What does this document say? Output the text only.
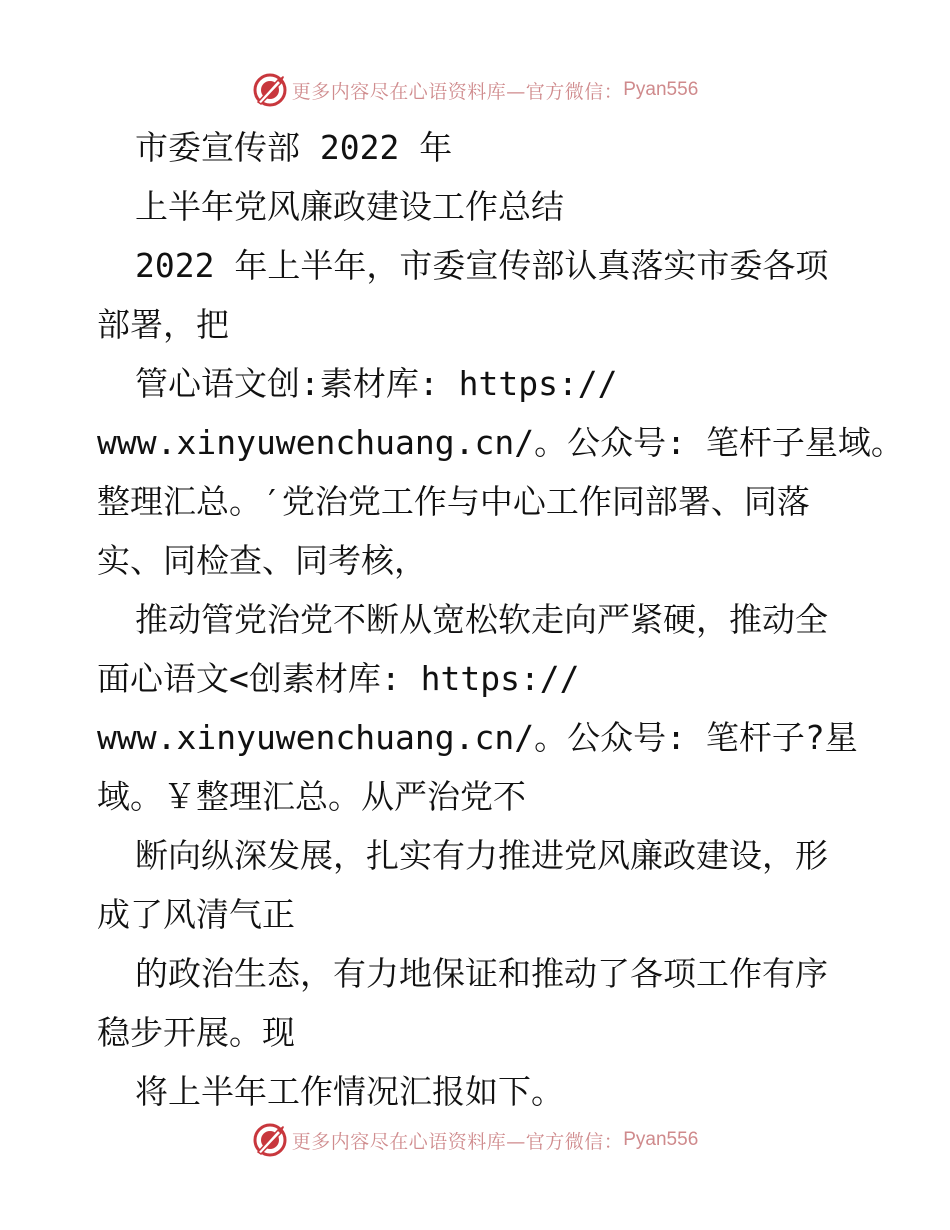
更多内容尽在心语资料库—官方微信： Pyan556
市委宣传部 2022 年
上半年党风廉政建设工作总结
2022 年上半年，市委宣传部认真落实市委各项
部署，把
管心语文创:素材库: https://
www.xinyuwenchuang.cn/。公众号: 笔杆子星域。
整理汇总。′党治党工作与中心工作同部署、同落
实、同检查、同考核，
推动管党治党不断从宽松软走向严紧硬，推动全
面心语文<创素材库: https://
www.xinyuwenchuang.cn/。公众号: 笔杆子?星
域。￥整理汇总。从严治党不
断向纵深发展，扎实有力推进党风廉政建设，形
成了风清气正
的政治生态，有力地保证和推动了各项工作有序
稳步开展。现
将上半年工作情况汇报如下。
更多内容尽在心语资料库—官方微信： Pyan556
